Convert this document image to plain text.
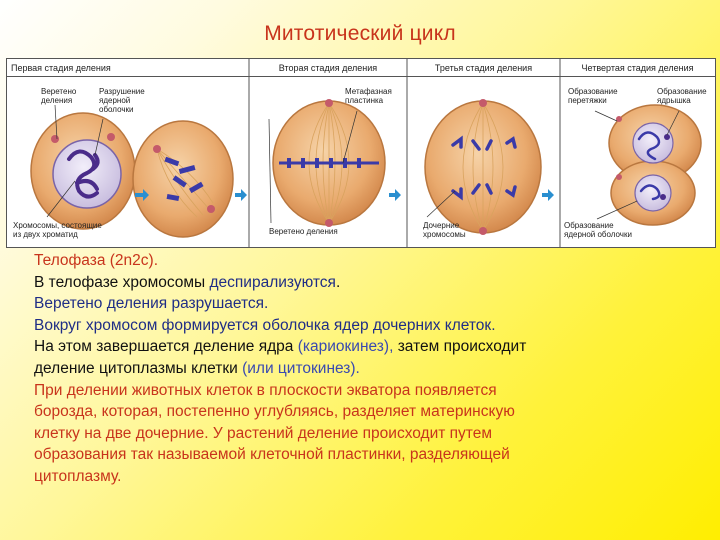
Митотический цикл
Первая стадия деления	Вторая стадия деления	Третья стадия деления	Четвертая стадия деления
Веретено
деления
Разрушение
ядерной
оболочки
Хромосомы, состоящие
из двух хроматид
Метафазная
пластинка
Веретено деления
Дочерние
хромосомы
Образование
перетяжки
Образование
ядрышка
Образование
ядерной оболочки
Телофаза (2n2c).
В телофазе хромосомы деспирализуются.
Веретено деления разрушается.
Вокруг хромосом формируется оболочка ядер дочерних клеток.
На этом завершается деление ядра (кариокинез), затем происходит
деление цитоплазмы клетки (или цитокинез).
При делении животных клеток в плоскости экватора появляется
борозда, которая, постепенно углубляясь, разделяет материнскую
клетку на две дочерние. У растений деление происходит путем
образования так называемой клеточной пластинки, разделяющей
цитоплазму.
